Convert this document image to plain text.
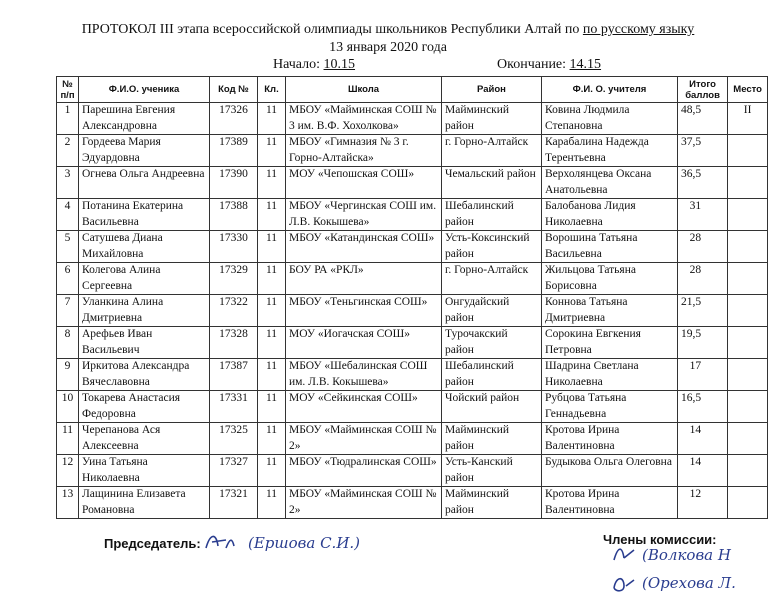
ПРОТОКОЛ III этапа всероссийской олимпиады школьников Республики Алтай по по русскому языку
13 января 2020 года
Начало: 10.15	Окончание: 14.15
№ п/п	Ф.И.О. ученика	Код №	Кл.	Школа	Район	Ф.И. О. учителя	Итого баллов	Место
1	Парешина Евгения Александровна	17326	11	МБОУ «Майминская СОШ № 3 им. В.Ф. Хохолкова»	Майминский район	Ковина Людмила Степановна	48,5	II
2	Гордеева Мария Эдуардовна	17389	11	МБОУ «Гимназия № 3 г. Горно-Алтайска»	г. Горно-Алтайск	Карабалина Надежда Терентьевна	37,5	
3	Огнева Ольга Андреевна	17390	11	МОУ «Чепошская СОШ»	Чемальский район	Верхолянцева Оксана Анатольевна	36,5	
4	Потанина Екатерина Васильевна	17388	11	МБОУ «Чергинская СОШ им. Л.В. Кокышева»	Шебалинский район	Балобанова Лидия Николаевна	31	
5	Сатушева Диана Михайловна	17330	11	МБОУ «Катандинская СОШ»	Усть-Коксинский район	Ворошина Татьяна Васильевна	28	
6	Колегова Алина Сергеевна	17329	11	БОУ РА «РКЛ»	г. Горно-Алтайск	Жильцова Татьяна Борисовна	28	
7	Уланкина Алина Дмитриевна	17322	11	МБОУ «Теньгинская СОШ»	Онгудайский район	Коннова Татьяна Дмитриевна	21,5	
8	Арефьев Иван Васильевич	17328	11	МОУ «Иогачская СОШ»	Турочакский район	Сорокина Евгкения Петровна	19,5	
9	Иркитова Александра Вячеславовна	17387	11	МБОУ «Шебалинская СОШ им. Л.В. Кокышева»	Шебалинский район	Шадрина Светлана Николаевна	17	
10	Токарева Анастасия Федоровна	17331	11	МОУ «Сейкинская СОШ»	Чойский район	Рубцова Татьяна Геннадьевна	16,5	
11	Черепанова Ася Алексеевна	17325	11	МБОУ «Майминская СОШ № 2»	Майминский район	Кротова Ирина Валентиновна	14	
12	Уина Татьяна Николаевна	17327	11	МБОУ «Тюдралинская СОШ»	Усть-Канский район	Будыкова Ольга Олеговна	14	
13	Лащинина Елизавета Романовна	17321	11	МБОУ «Майминская СОШ № 2»	Майминский район	Кротова Ирина Валентиновна	12	
Председатель:	Члены комиссии:
(Ершова С.И.)
(Волкова Н
(Орехова Л.
